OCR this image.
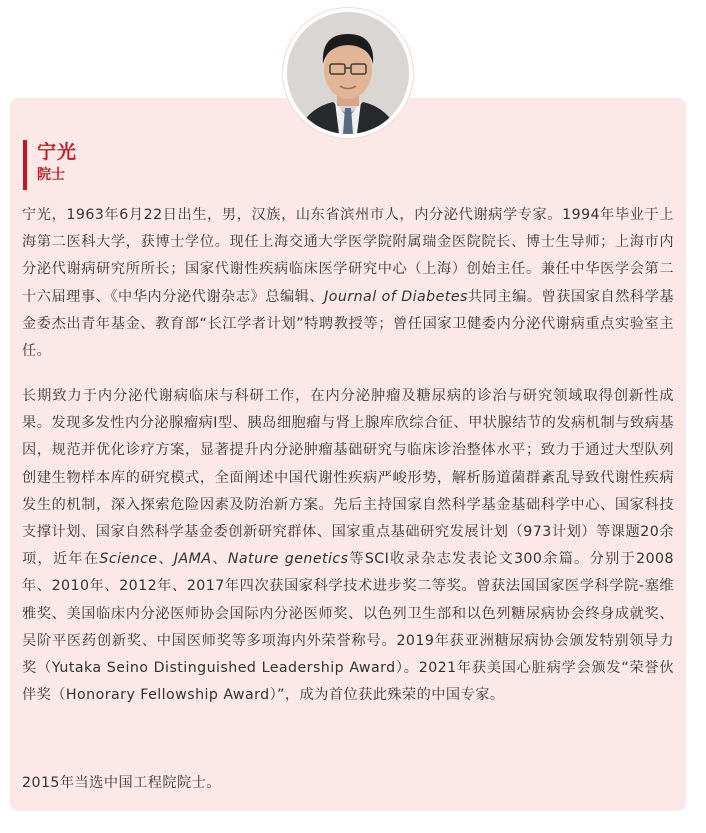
宁光
院士

宁光，1963年6月22日出生，男，汉族，山东省滨州市人，内分泌代谢病学专家。1994年毕业于上海第二医科大学，获博士学位。现任上海交通大学医学院附属瑞金医院院长、博士生导师；上海市内分泌代谢病研究所所长；国家代谢性疾病临床医学研究中心（上海）创始主任。兼任中华医学会第二十六届理事、《中华内分泌代谢杂志》总编辑、Journal of Diabetes共同主编。曾获国家自然科学基金委杰出青年基金、教育部“长江学者计划”特聘教授等；曾任国家卫健委内分泌代谢病重点实验室主任。

长期致力于内分泌代谢病临床与科研工作，在内分泌肿瘤及糖尿病的诊治与研究领域取得创新性成果。发现多发性内分泌腺瘤病I型、胰岛细胞瘤与肾上腺库欣综合征、甲状腺结节的发病机制与致病基因，规范并优化诊疗方案，显著提升内分泌肿瘤基础研究与临床诊治整体水平；致力于通过大型队列创建生物样本库的研究模式，全面阐述中国代谢性疾病严峻形势，解析肠道菌群紊乱导致代谢性疾病发生的机制，深入探索危险因素及防治新方案。先后主持国家自然科学基金基础科学中心、国家科技支撑计划、国家自然科学基金委创新研究群体、国家重点基础研究发展计划（973计划）等课题20余项，近年在Science、JAMA、Nature genetics等SCI收录杂志发表论文300余篇。分别于2008年、2010年、2012年、2017年四次获国家科学技术进步奖二等奖。曾获法国国家医学科学院-塞维雅奖、美国临床内分泌医师协会国际内分泌医师奖、以色列卫生部和以色列糖尿病协会终身成就奖、吴阶平医药创新奖、中国医师奖等多项海内外荣誉称号。2019年获亚洲糖尿病协会颁发特别领导力奖（Yutaka Seino Distinguished Leadership Award）。2021年获美国心脏病学会颁发“荣誉伙伴奖（Honorary Fellowship Award）”，成为首位获此殊荣的中国专家。

2015年当选中国工程院院士。
